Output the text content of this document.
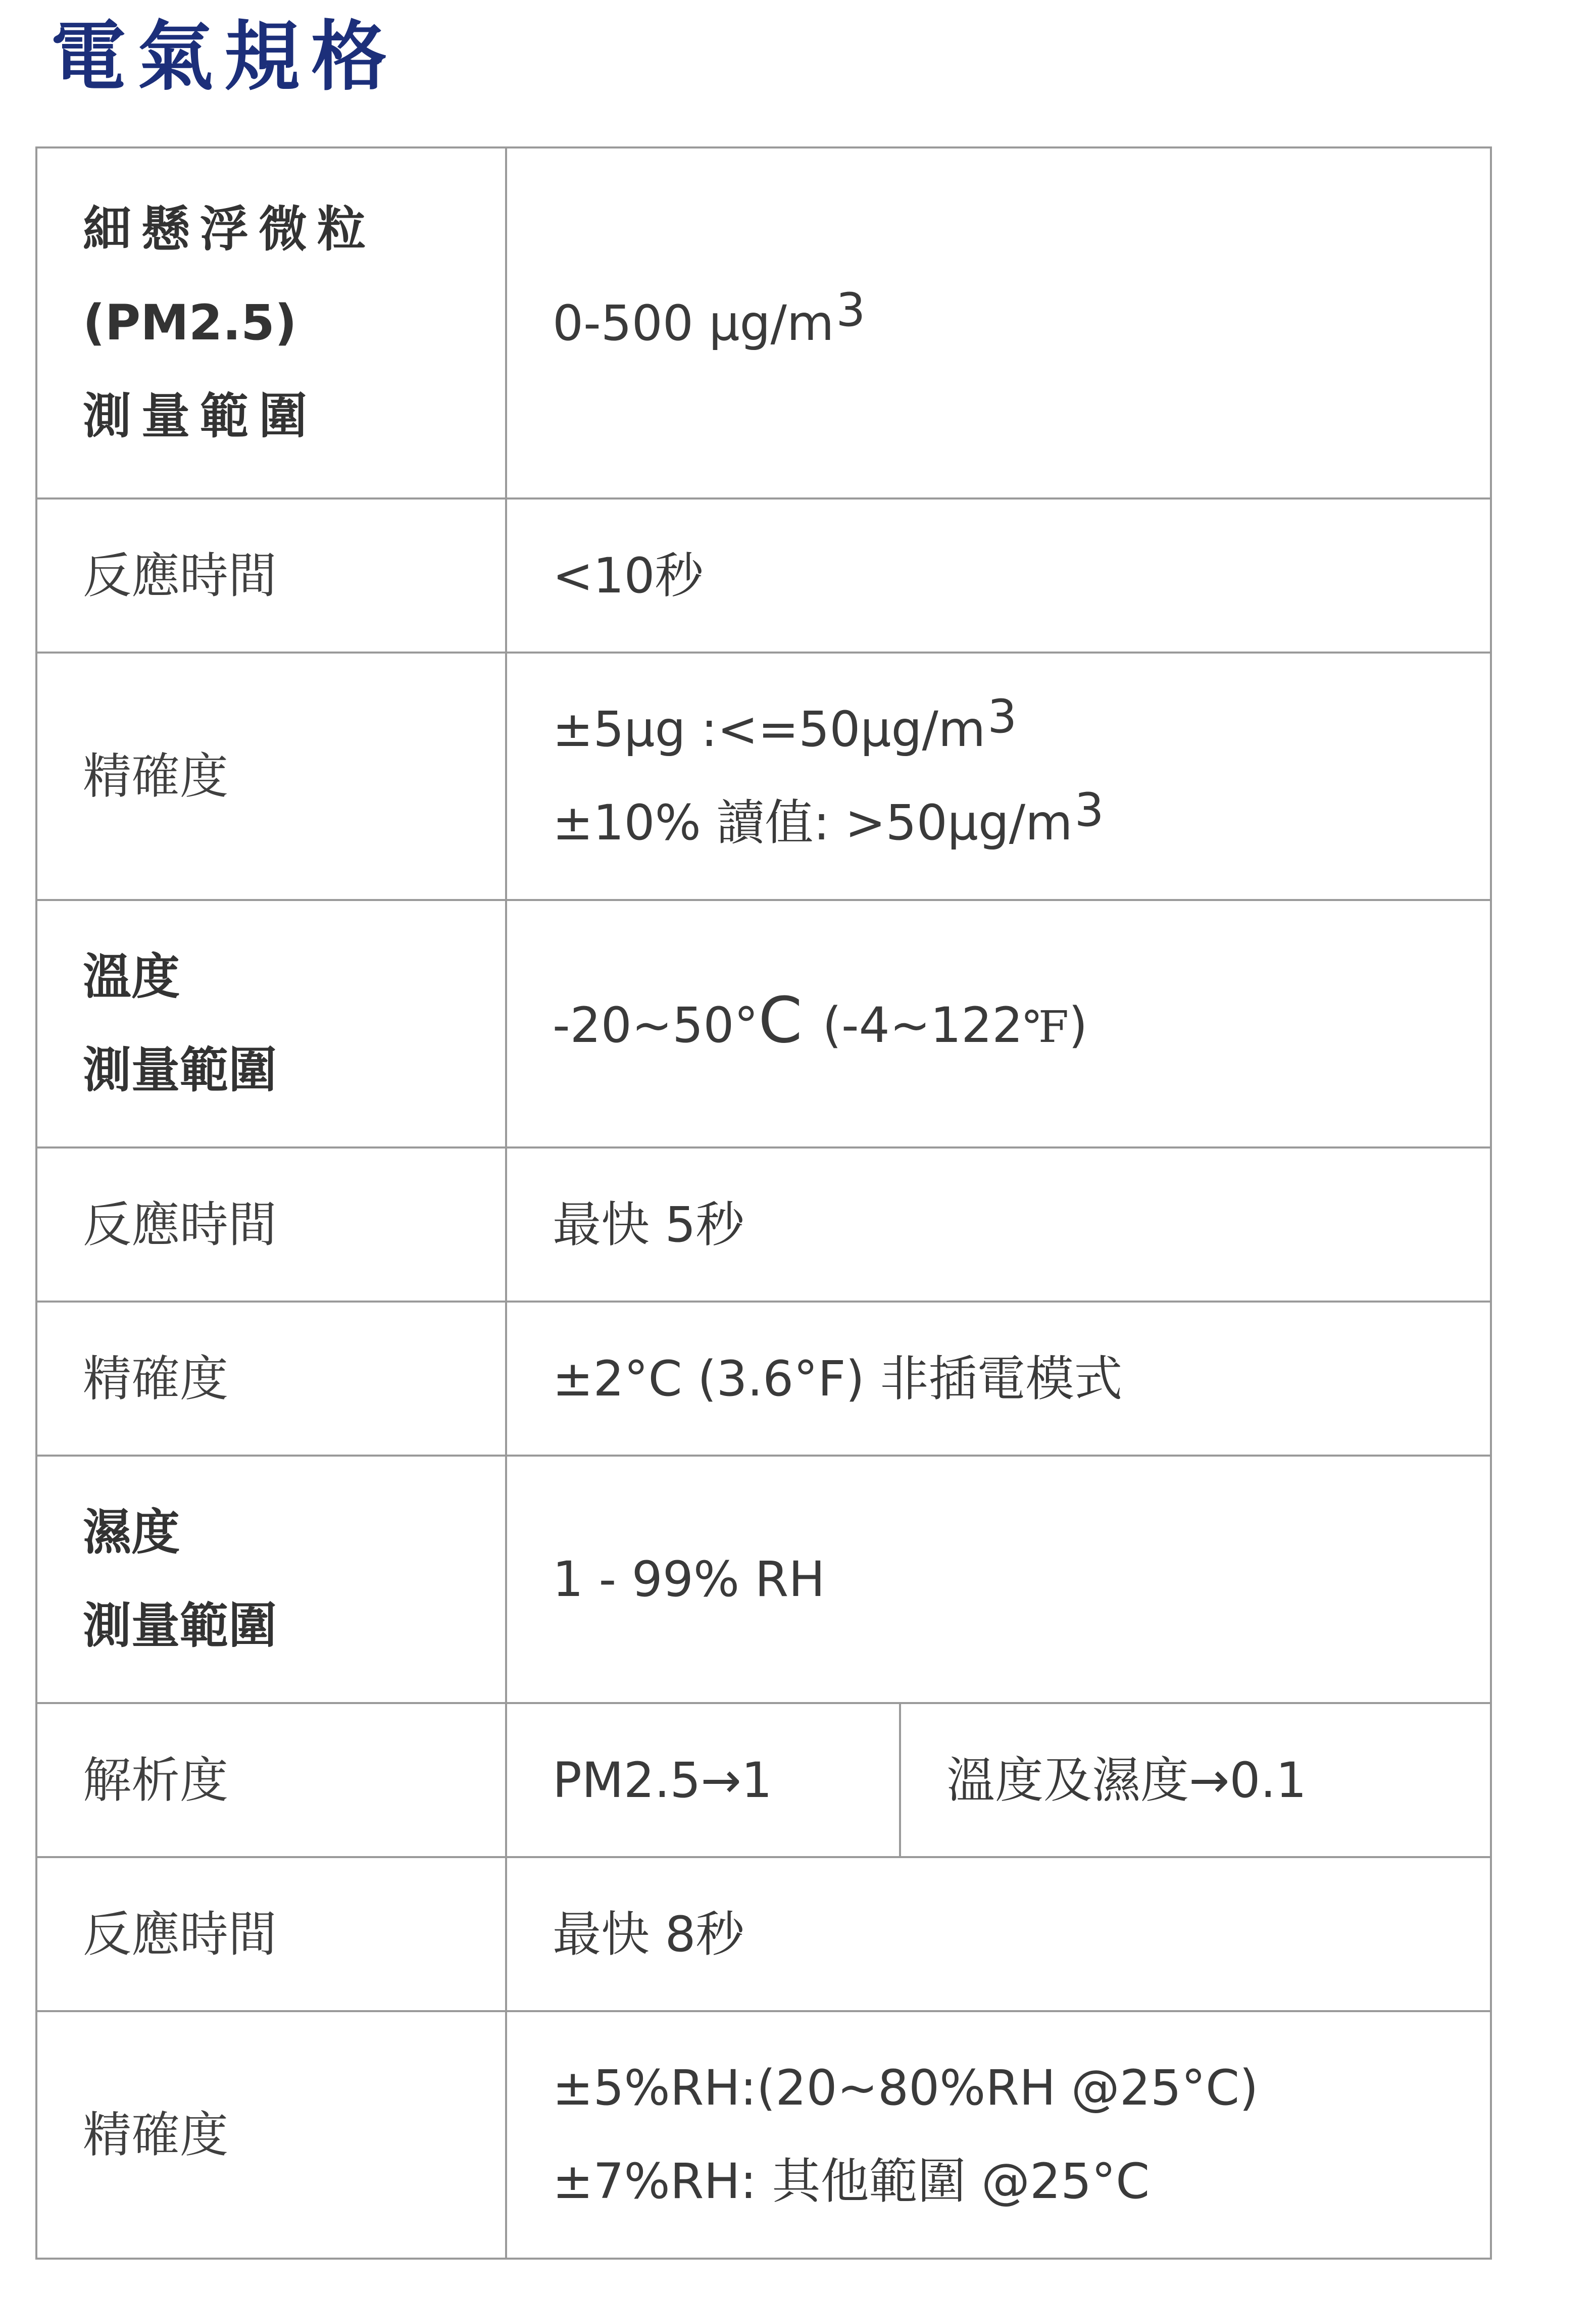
電氣規格
細懸浮微粒
(PM2.5)
測量範圍	0-500 $\mu g/m^3$
反應時間	<10秒	
精確度	±5μg $:<=50\mu g/m^3$
±10% 讀值: $>50\mu g/m^3$

溫度
測量範圍	-20~50°C (-4~122℉)	
反應時間	最快 5秒	
精確度	±2°C (3.6°F) 非插電模式	

濕度
測量範圍	1 - 99% RH	
解析度	PM2.5→1	溫度及濕度→0.1
反應時間	最快 8秒	
精確度	±5%RH:(20~80%RH @25°C)
±7%RH: 其他範圍 @25°C	
